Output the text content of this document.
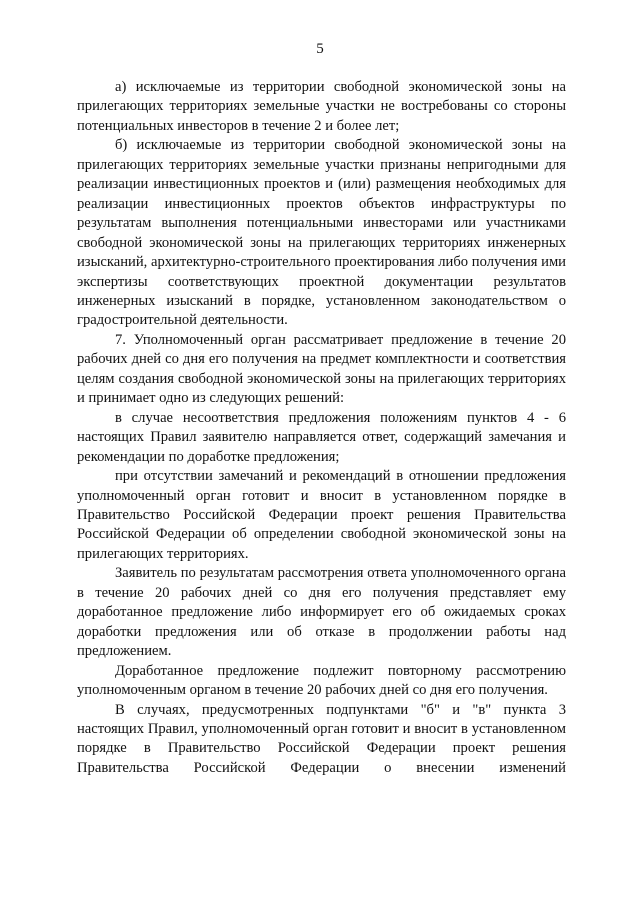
5

а) исключаемые из территории свободной экономической зоны на прилегающих территориях земельные участки не востребованы со стороны потенциальных инвесторов в течение 2 и более лет;

б) исключаемые из территории свободной экономической зоны на прилегающих территориях земельные участки признаны непригодными для реализации инвестиционных проектов и (или) размещения необходимых для реализации инвестиционных проектов объектов инфраструктуры по результатам выполнения потенциальными инвесторами или участниками свободной экономической зоны на прилегающих территориях инженерных изысканий, архитектурно-строительного проектирования либо получения ими экспертизы соответствующих проектной документации результатов инженерных изысканий в порядке, установленном законодательством о градостроительной деятельности.

7. Уполномоченный орган рассматривает предложение в течение 20 рабочих дней со дня его получения на предмет комплектности и соответствия целям создания свободной экономической зоны на прилегающих территориях и принимает одно из следующих решений:

в случае несоответствия предложения положениям пунктов 4 - 6 настоящих Правил заявителю направляется ответ, содержащий замечания и рекомендации по доработке предложения;

при отсутствии замечаний и рекомендаций в отношении предложения уполномоченный орган готовит и вносит в установленном порядке в Правительство Российской Федерации проект решения Правительства Российской Федерации об определении свободной экономической зоны на прилегающих территориях.

Заявитель по результатам рассмотрения ответа уполномоченного органа в течение 20 рабочих дней со дня его получения представляет ему доработанное предложение либо информирует его об ожидаемых сроках доработки предложения или об отказе в продолжении работы над предложением.

Доработанное предложение подлежит повторному рассмотрению уполномоченным органом в течение 20 рабочих дней со дня его получения.

В случаях, предусмотренных подпунктами "б" и "в" пункта 3 настоящих Правил, уполномоченный орган готовит и вносит в установленном порядке в Правительство Российской Федерации проект решения Правительства Российской Федерации о внесении изменений
